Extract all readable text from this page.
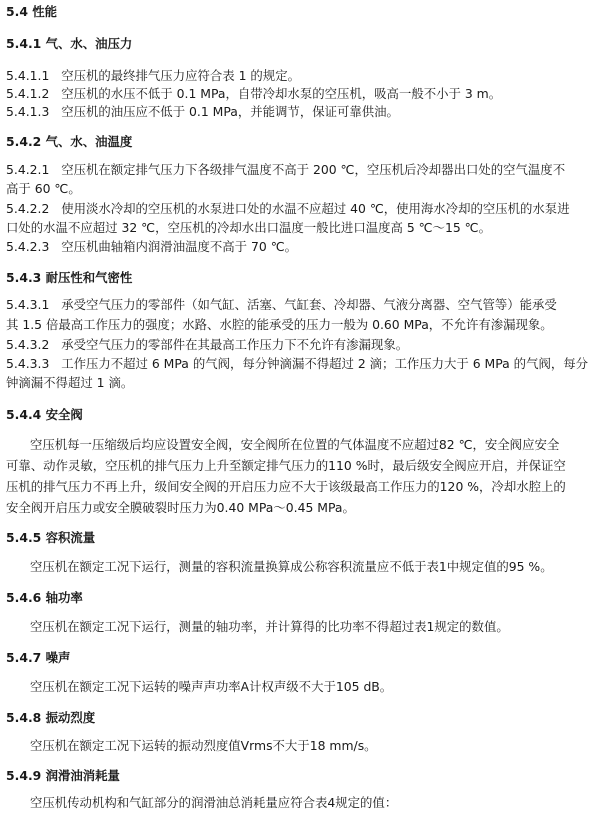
5.4 性能
5.4.1 气、水、油压力
5.4.1.1 空压机的最终排气压力应符合表 1 的规定。
5.4.1.2 空压机的水压不低于 0.1 MPa，自带冷却水泵的空压机，吸高一般不小于 3 m。
5.4.1.3 空压机的油压应不低于 0.1 MPa，并能调节，保证可靠供油。
5.4.2 气、水、油温度
5.4.2.1 空压机在额定排气压力下各级排气温度不高于 200 ℃，空压机后冷却器出口处的空气温度不
高于 60 ℃。
5.4.2.2 使用淡水冷却的空压机的水泵进口处的水温不应超过 40 ℃，使用海水冷却的空压机的水泵进
口处的水温不应超过 32 ℃，空压机的冷却水出口温度一般比进口温度高 5 ℃～15 ℃。
5.4.2.3 空压机曲轴箱内润滑油温度不高于 70 ℃。
5.4.3 耐压性和气密性
5.4.3.1 承受空气压力的零部件（如气缸、活塞、气缸套、冷却器、气液分离器、空气管等）能承受
其 1.5 倍最高工作压力的强度；水路、水腔的能承受的压力一般为 0.60 MPa，不允许有渗漏现象。
5.4.3.2 承受空气压力的零部件在其最高工作压力下不允许有渗漏现象。
5.4.3.3 工作压力不超过 6 MPa 的气阀，每分钟滴漏不得超过 2 滴；工作压力大于 6 MPa 的气阀，每分
钟滴漏不得超过 1 滴。
5.4.4 安全阀
空压机每一压缩级后均应设置安全阀，安全阀所在位置的气体温度不应超过82 ℃，安全阀应安全
可靠、动作灵敏，空压机的排气压力上升至额定排气压力的110 %时，最后级安全阀应开启，并保证空
压机的排气压力不再上升，级间安全阀的开启压力应不大于该级最高工作压力的120 %，冷却水腔上的
安全阀开启压力或安全膜破裂时压力为0.40 MPa～0.45 MPa。
5.4.5 容积流量
空压机在额定工况下运行，测量的容积流量换算成公称容积流量应不低于表1中规定值的95 %。
5.4.6 轴功率
空压机在额定工况下运行，测量的轴功率，并计算得的比功率不得超过表1规定的数值。
5.4.7 噪声
空压机在额定工况下运转的噪声声功率A计权声级不大于105 dB。
5.4.8 振动烈度
空压机在额定工况下运转的振动烈度值Vrms不大于18 mm/s。
5.4.9 润滑油消耗量
空压机传动机构和气缸部分的润滑油总消耗量应符合表4规定的值：
